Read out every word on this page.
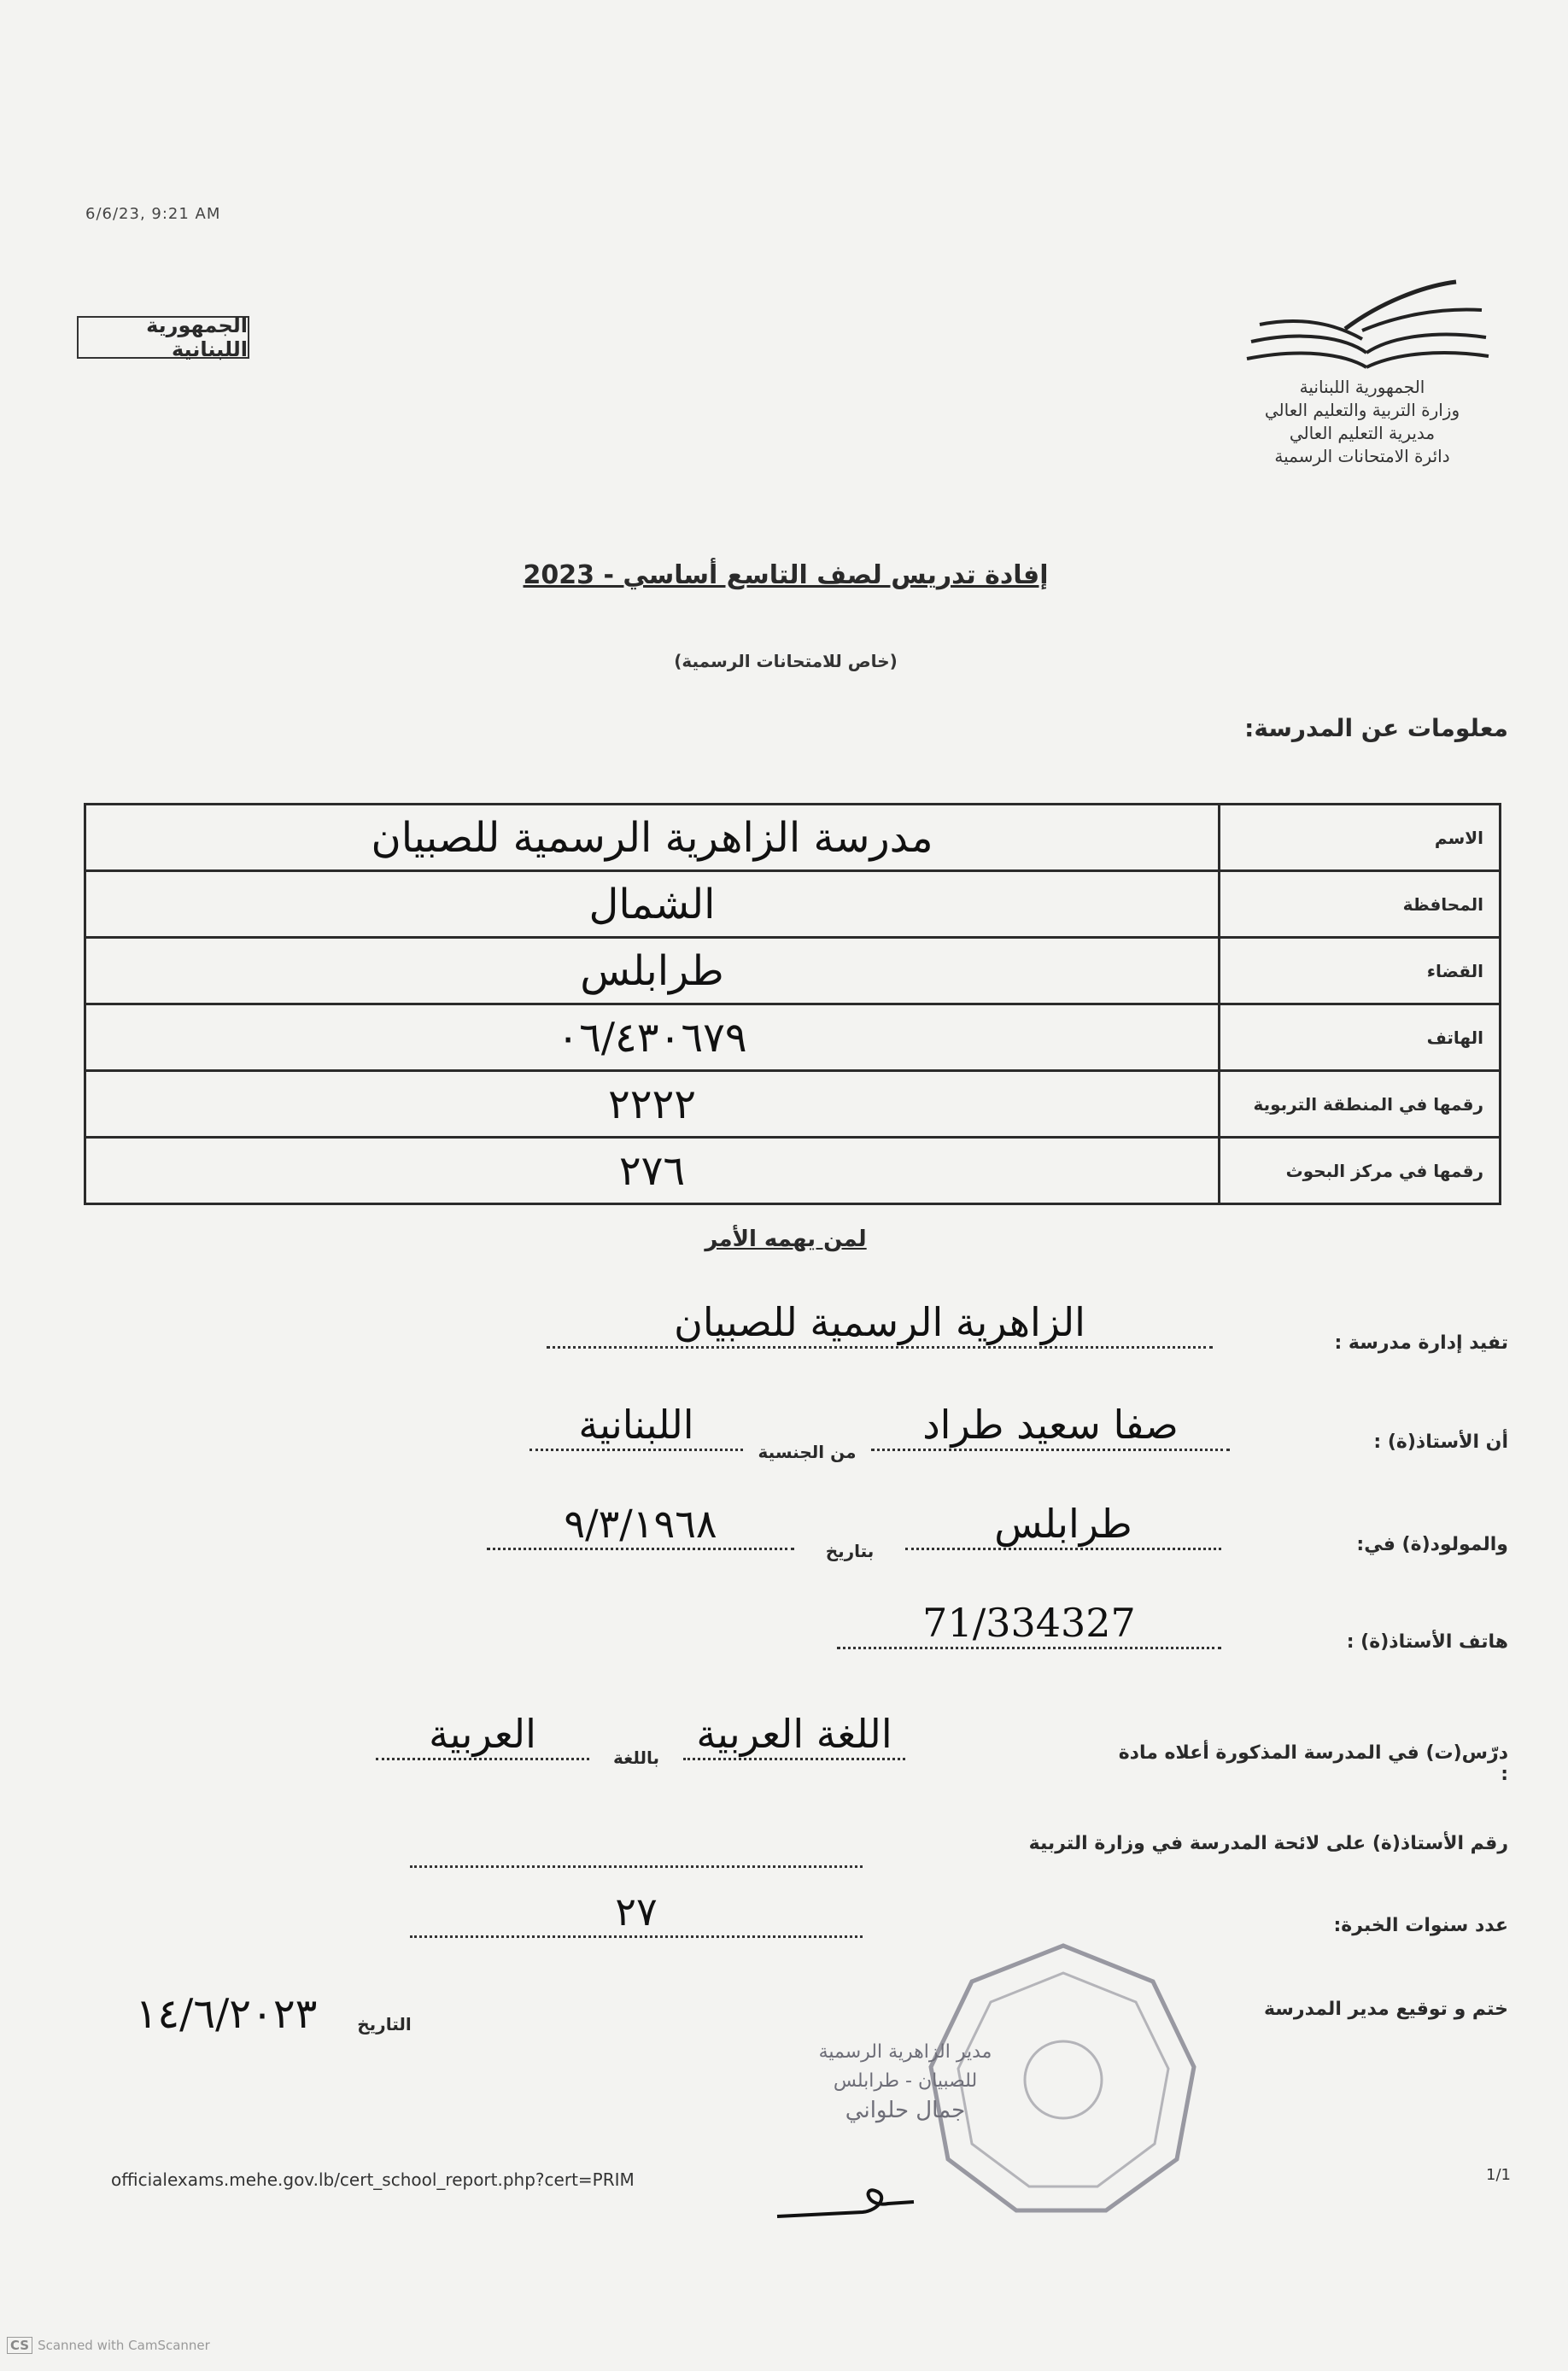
6/6/23, 9:21 AM
الجمهورية اللبنانية
الجمهورية اللبنانية
وزارة التربية والتعليم العالي
مديرية التعليم العالي
دائرة الامتحانات الرسمية
إفادة تدريس لصف التاسع أساسي - 2023
(خاص للامتحانات الرسمية)
معلومات عن المدرسة:
الاسم	مدرسة الزاهرية الرسمية للصبيان
المحافظة	الشمال
القضاء	طرابلس
الهاتف	٠٦/٤٣٠٦٧٩
رقمها في المنطقة التربوية	٢٢٢٢
رقمها في مركز البحوث	٢٧٦
لمن يهمه الأمر
تفيد إدارة مدرسة :
الزاهرية الرسمية للصبيان
أن الأستاذ(ة) :
صفا سعيد طراد
من الجنسية
اللبنانية
والمولود(ة) في:
طرابلس
بتاريخ
٩/٣/١٩٦٨
هاتف الأستاذ(ة) :
71/334327
درّس(ت) في المدرسة المذكورة أعلاه مادة :
اللغة العربية
باللغة
العربية
رقم الأستاذ(ة) على لائحة المدرسة في وزارة التربية
عدد سنوات الخبرة:
٢٧
ختم و توقيع مدير المدرسة
التاريخ
١٤/٦/٢٠٢٣
مدير الزاهرية الرسمية
للصبيان - طرابلس
جمال حلواني
officialexams.mehe.gov.lb/cert_school_report.php?cert=PRIM	1/1
CS Scanned with CamScanner
